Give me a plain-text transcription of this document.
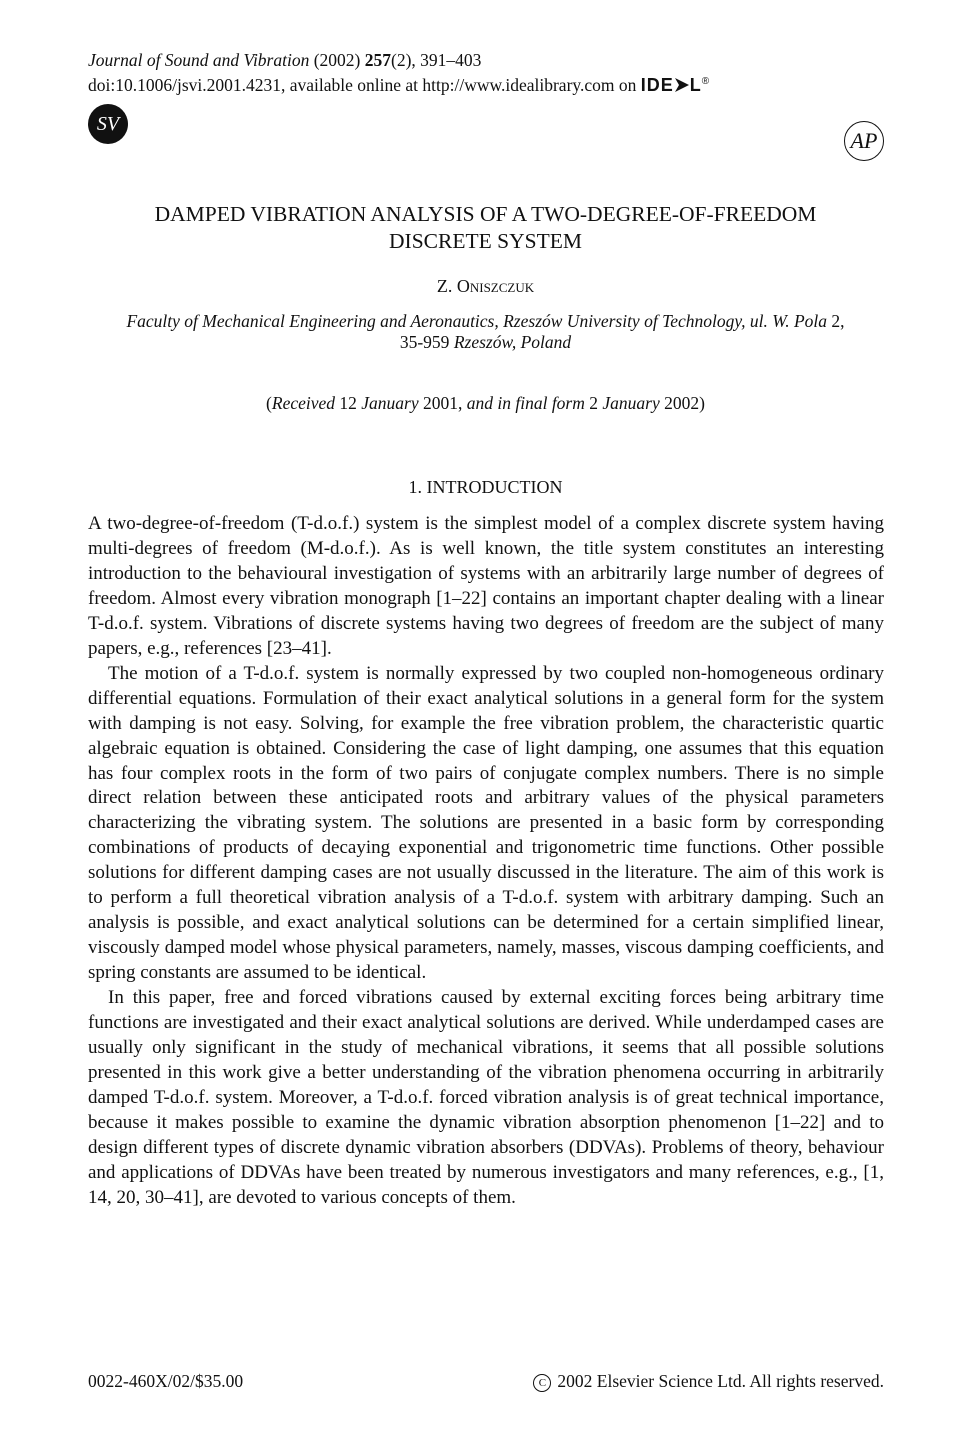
Journal of Sound and Vibration (2002) 257(2), 391–403
doi:10.1006/jsvi.2001.4231, available online at http://www.idealibrary.com on IDE L®
SV
AP
DAMPED VIBRATION ANALYSIS OF A TWO-DEGREE-OF-FREEDOM
DISCRETE SYSTEM
Z. Oniszczuk
Faculty of Mechanical Engineering and Aeronautics, Rzeszów University of Technology, ul. W. Pola 2,
35-959 Rzeszów, Poland
(Received 12 January 2001, and in final form 2 January 2002)
1. INTRODUCTION

A two-degree-of-freedom (T-d.o.f.) system is the simplest model of a complex discrete system having multi-degrees of freedom (M-d.o.f.). As is well known, the title system constitutes an interesting introduction to the behavioural investigation of systems with an arbitrarily large number of degrees of freedom. Almost every vibration monograph [1–22] contains an important chapter dealing with a linear T-d.o.f. system. Vibrations of discrete systems having two degrees of freedom are the subject of many papers, e.g., references [23–41].

The motion of a T-d.o.f. system is normally expressed by two coupled non-homogeneous ordinary differential equations. Formulation of their exact analytical solutions in a general form for the system with damping is not easy. Solving, for example the free vibration problem, the characteristic quartic algebraic equation is obtained. Considering the case of light damping, one assumes that this equation has four complex roots in the form of two pairs of conjugate complex numbers. There is no simple direct relation between these anticipated roots and arbitrary values of the physical parameters characterizing the vibrating system. The solutions are presented in a basic form by corresponding combinations of products of decaying exponential and trigonometric time functions. Other possible solutions for different damping cases are not usually discussed in the literature. The aim of this work is to perform a full theoretical vibration analysis of a T-d.o.f. system with arbitrary damping. Such an analysis is possible, and exact analytical solutions can be determined for a certain simplified linear, viscously damped model whose physical parameters, namely, masses, viscous damping coefficients, and spring constants are assumed to be identical.

In this paper, free and forced vibrations caused by external exciting forces being arbitrary time functions are investigated and their exact analytical solutions are derived. While underdamped cases are usually only significant in the study of mechanical vibrations, it seems that all possible solutions presented in this work give a better understanding of the vibration phenomena occurring in arbitrarily damped T-d.o.f. system. Moreover, a T-d.o.f. forced vibration analysis is of great technical importance, because it makes possible to examine the dynamic vibration absorption phenomenon [1–22] and to design different types of discrete dynamic vibration absorbers (DDVAs). Problems of theory, behaviour and applications of DDVAs have been treated by numerous investigators and many references, e.g., [1, 14, 20, 30–41], are devoted to various concepts of them.

0022-460X/02/$35.00	C 2002 Elsevier Science Ltd. All rights reserved.
